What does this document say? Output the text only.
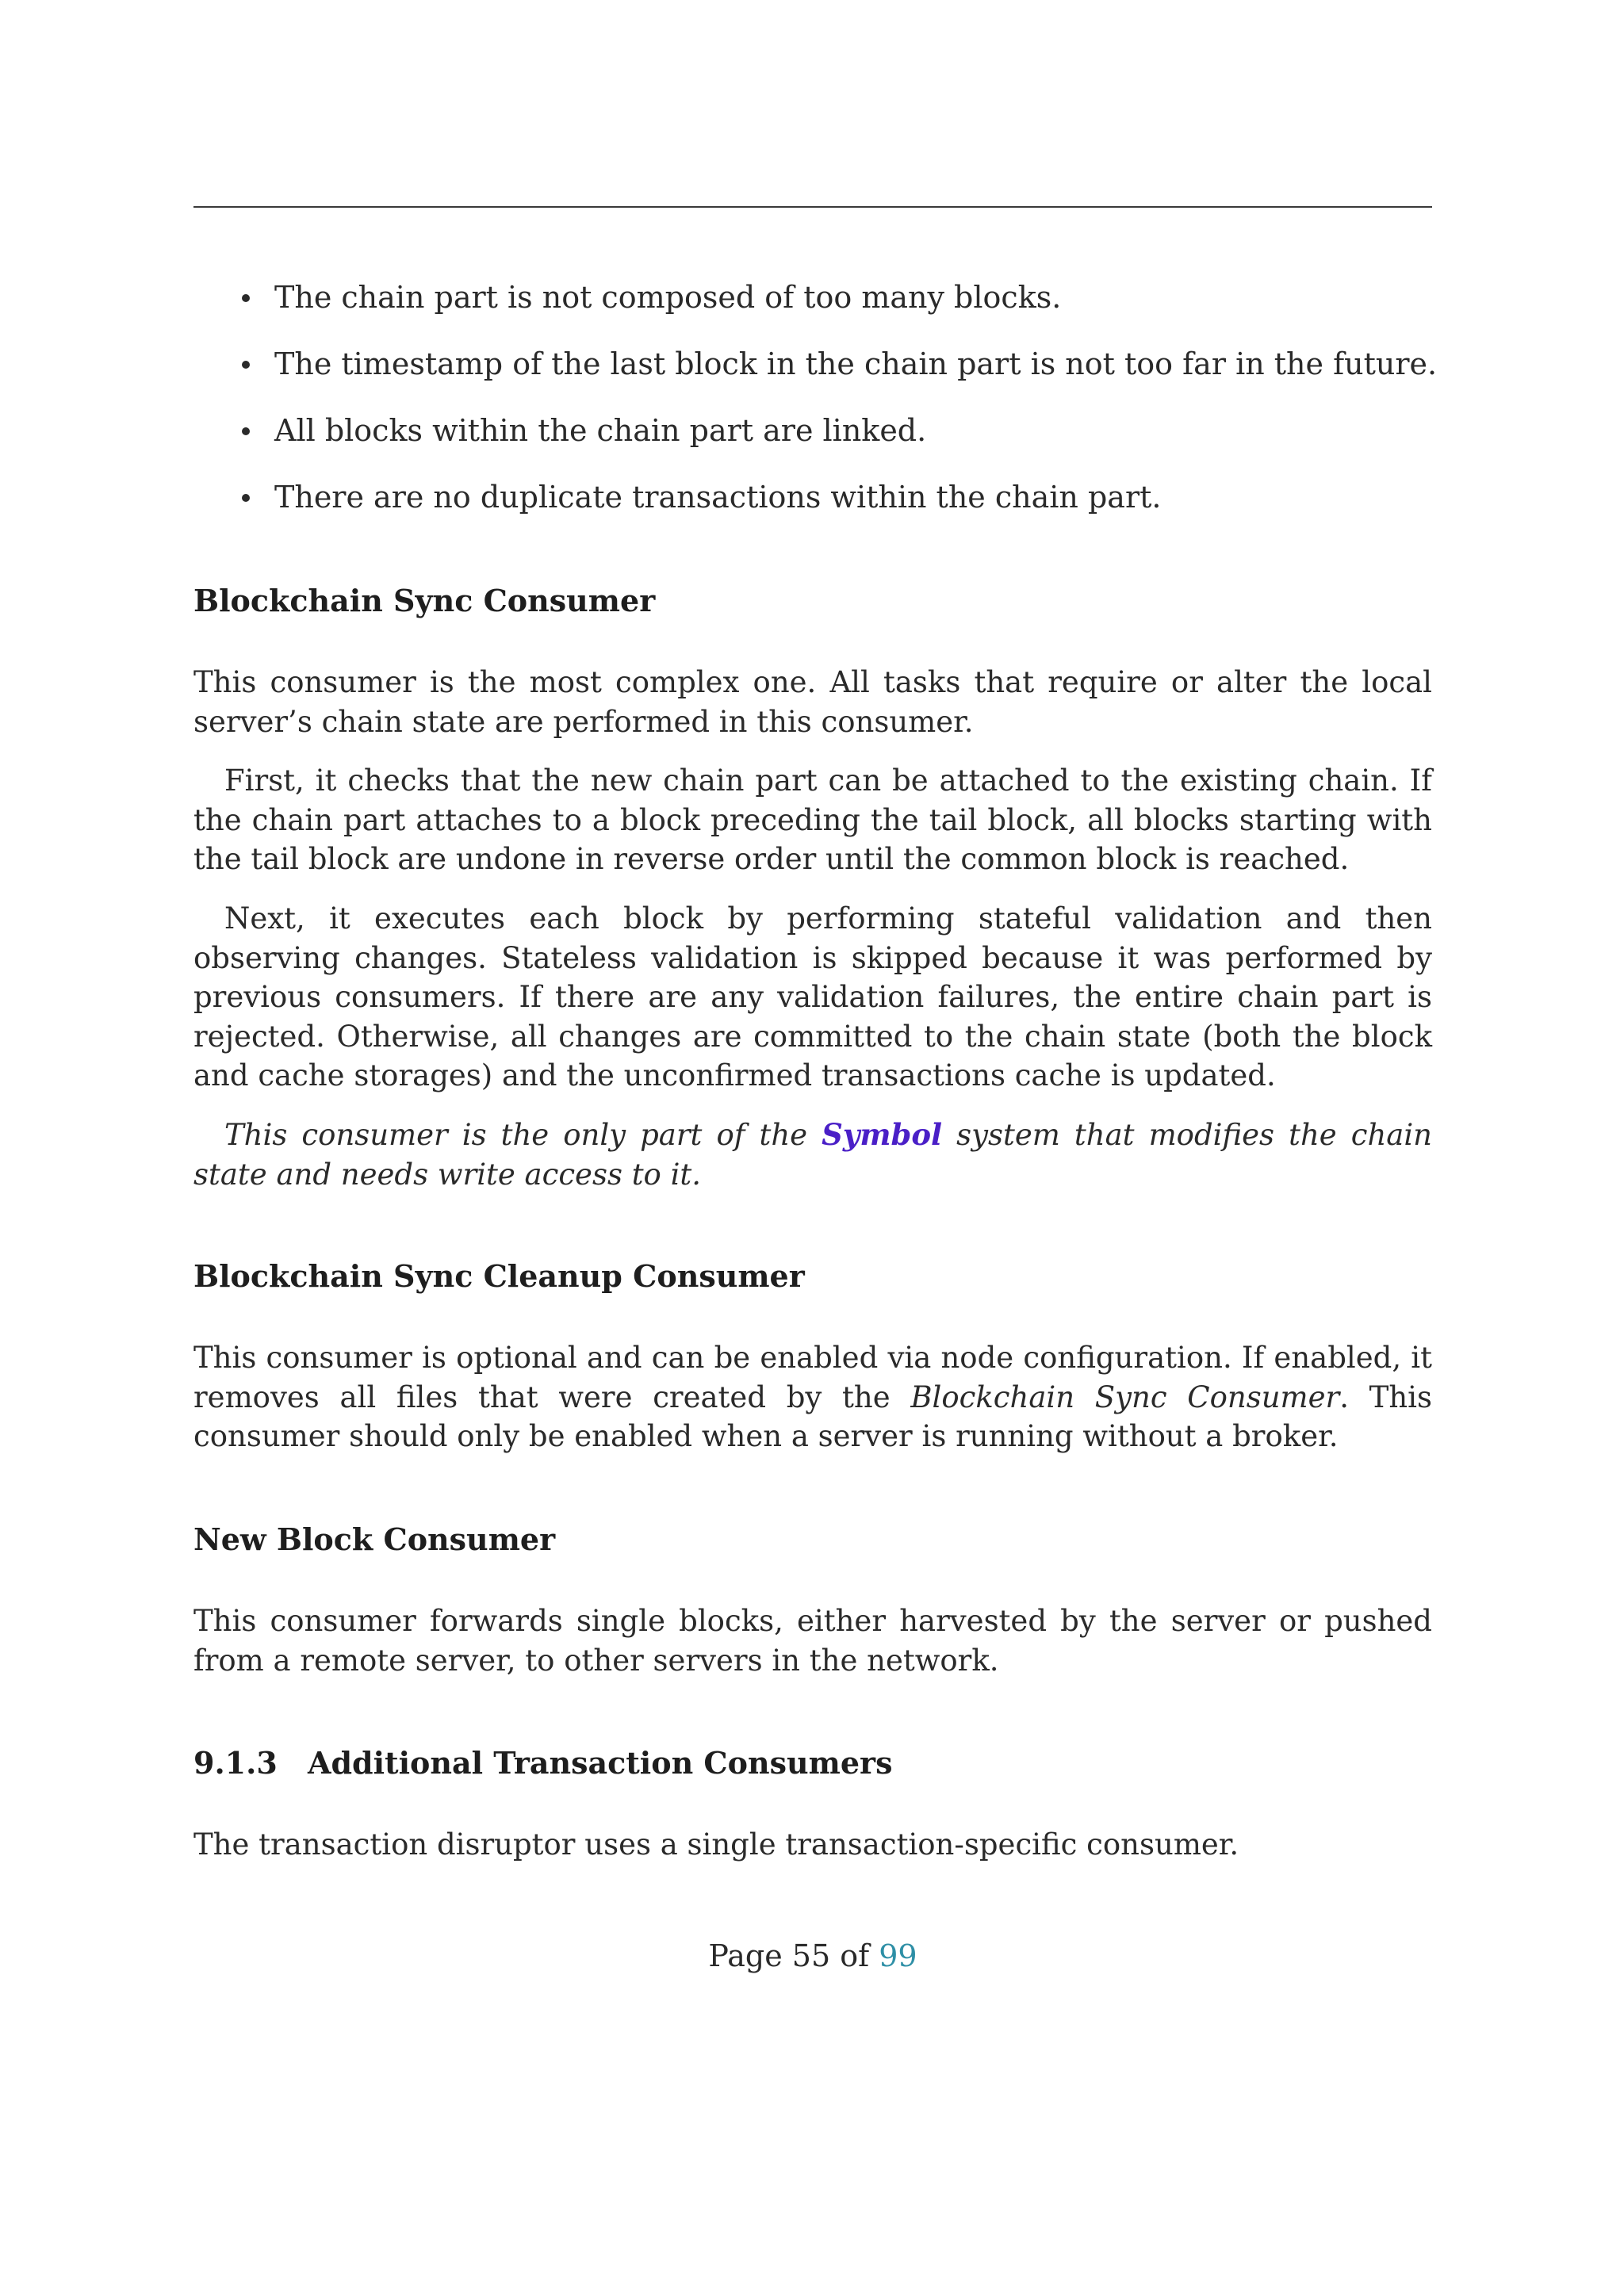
The chain part is not composed of too many blocks.
The timestamp of the last block in the chain part is not too far in the future.
All blocks within the chain part are linked.
There are no duplicate transactions within the chain part.
Blockchain Sync Consumer

This consumer is the most complex one. All tasks that require or alter the local server’s chain state are performed in this consumer.

First, it checks that the new chain part can be attached to the existing chain. If the chain part attaches to a block preceding the tail block, all blocks starting with the tail block are undone in reverse order until the common block is reached.

Next, it executes each block by performing stateful validation and then observing changes. Stateless validation is skipped because it was performed by previous consumers. If there are any validation failures, the entire chain part is rejected. Otherwise, all changes are committed to the chain state (both the block and cache storages) and the unconfirmed transactions cache is updated.

This consumer is the only part of the Symbol system that modifies the chain state and needs write access to it.

Blockchain Sync Cleanup Consumer

This consumer is optional and can be enabled via node configuration. If enabled, it removes all files that were created by the Blockchain Sync Consumer. This consumer should only be enabled when a server is running without a broker.

New Block Consumer

This consumer forwards single blocks, either harvested by the server or pushed from a remote server, to other servers in the network.

9.1.3 Additional Transaction Consumers

The transaction disruptor uses a single transaction-specific consumer.

Page 55 of 99
